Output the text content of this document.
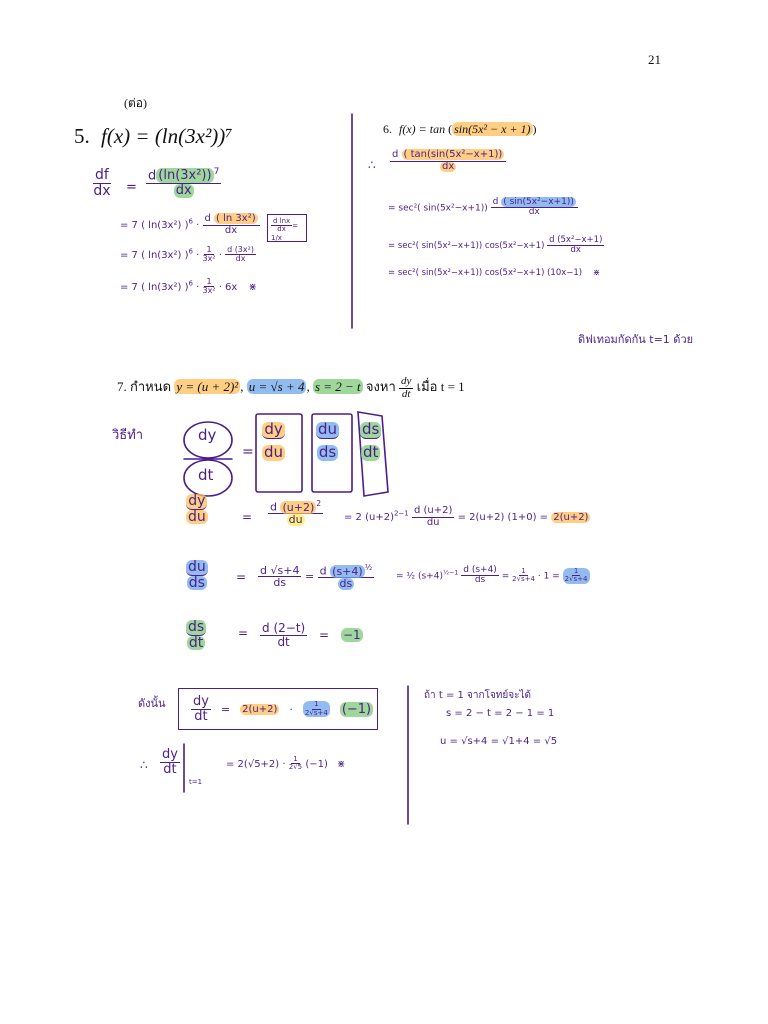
21
(ต่อ)
5. f(x) = (ln(3x²))⁷
$\frac{df}{dx} = \frac{d (\ln(3x^2)) ^7}{dx}$
= 7 ( ln(3x²) )$^6 \cdot \frac{\text{d ( ln 3x²)}}{dx} \frac{\text{d lnx}}{dx} = 1/x$
= 7 ( ln(3x²) )$^6 \cdot \frac{1}{\text{3x²}} \cdot \frac{\text{d (3x²)}}{dx}$
= 7 ( ln(3x²) )$^6 \cdot \frac{1}{\text{3x²}} \cdot 6x$ ⋇
6. f(x) = tan ( sin(5x² − x + 1) )
∴ $\frac{\text{d ( tan(sin(5x²−x+1))}}{dx}$
= sec²( $\sin(5x^2-x+1)) \frac{\text{d ( sin(5x²−x+1))}}{dx}$
= sec²( sin(5x²−x+1)) $\cos(5x^2-x+1) \frac{\text{d (5x²−x+1)}}{dx}$
= sec²( sin(5x²−x+1)) cos(5x²−x+1) (10x−1) ⋇
ดิฟเทอมกัดกัน t=1 ด้วย
7. กำหนด y = (u + 2)² , u = √s + 4 , s = 2 − t จงหา $\frac{dy}{dt}$ เมื่อ t = 1
วิธีทำ	dy
dt
= $\frac{dy}{du} \frac{du}{ds} \frac{ds}{dt}$
$\frac{dy}{du}$	= $\frac{d (u+2) ^2}{du} = 2$ $(u+2)^{2-1} \frac{d (u+2)}{du} = 2(u+2) (1+0) = 2(u+2)$
$\frac{du}{ds} = \frac{d √s+4}{ds} = \frac{d (s+4) ^{\frac{1}{2}}}{ds}$ = ½ $(s+4)^{\frac{1}{2}-1} \frac{d (s+4)}{ds} = \frac{1}{2√s+4} \cdot 1 = \frac{1}{2√s+4}$
$\frac{ds}{dt}$	= $\frac{d (2-t)}{dt} = -1$
ดังนั้น $\frac{dy}{dt} = 2(u+2) \cdot \frac{1}{2√s+4} (-1)$
∴ $\frac{dy}{dt}$
t=1
= $2(√5+2) \cdot \frac{1}{2√5} (-1)$ ⋇
ถ้า t = 1 จากโจทย์จะได้
s = 2 − t = 2 − 1 = 1
u = √s+4 = √1+4 = √5
